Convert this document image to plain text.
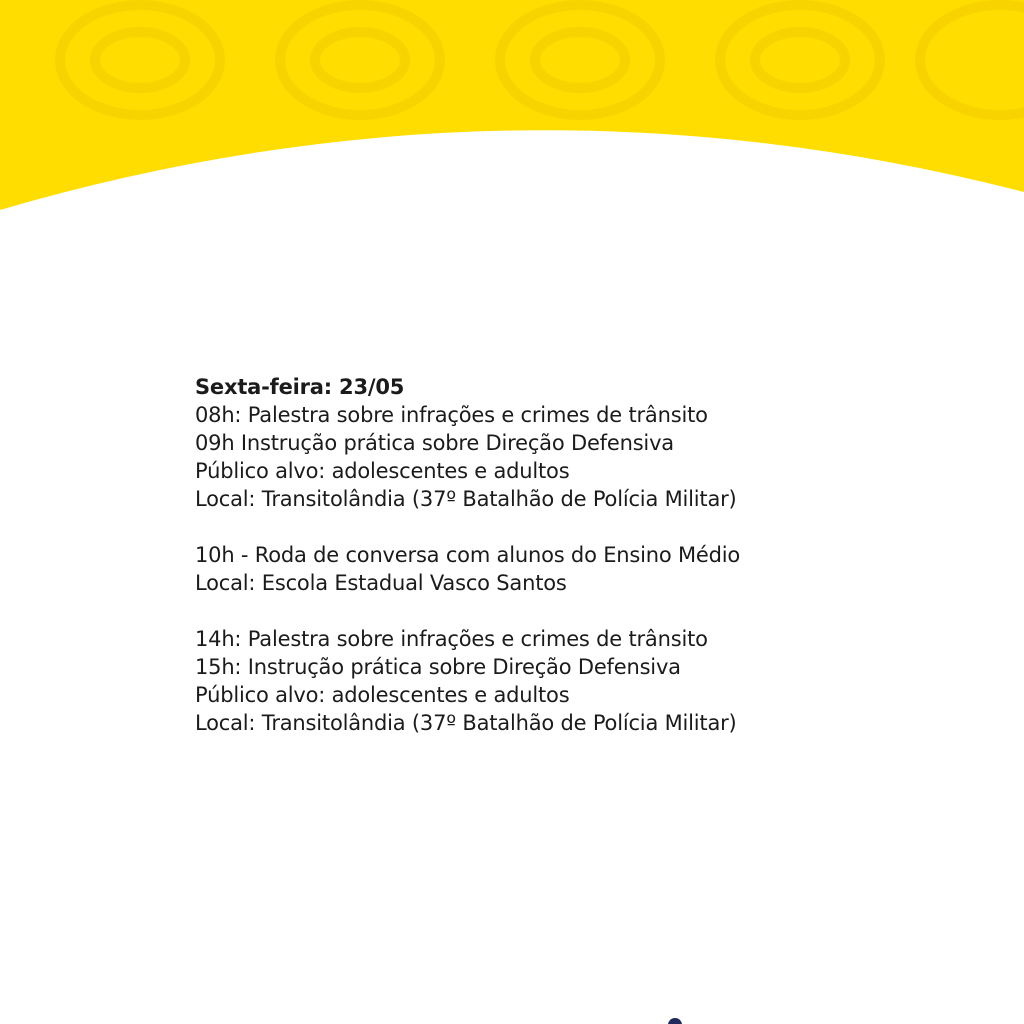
Sexta-feira: 23/05
08h: Palestra sobre infrações e crimes de trânsito
09h Instrução prática sobre Direção Defensiva
Público alvo: adolescentes e adultos
Local: Transitolândia (37º Batalhão de Polícia Militar)
10h - Roda de conversa com alunos do Ensino Médio
Local: Escola Estadual Vasco Santos
14h: Palestra sobre infrações e crimes de trânsito
15h: Instrução prática sobre Direção Defensiva
Público alvo: adolescentes e adultos
Local: Transitolândia (37º Batalhão de Polícia Militar)
